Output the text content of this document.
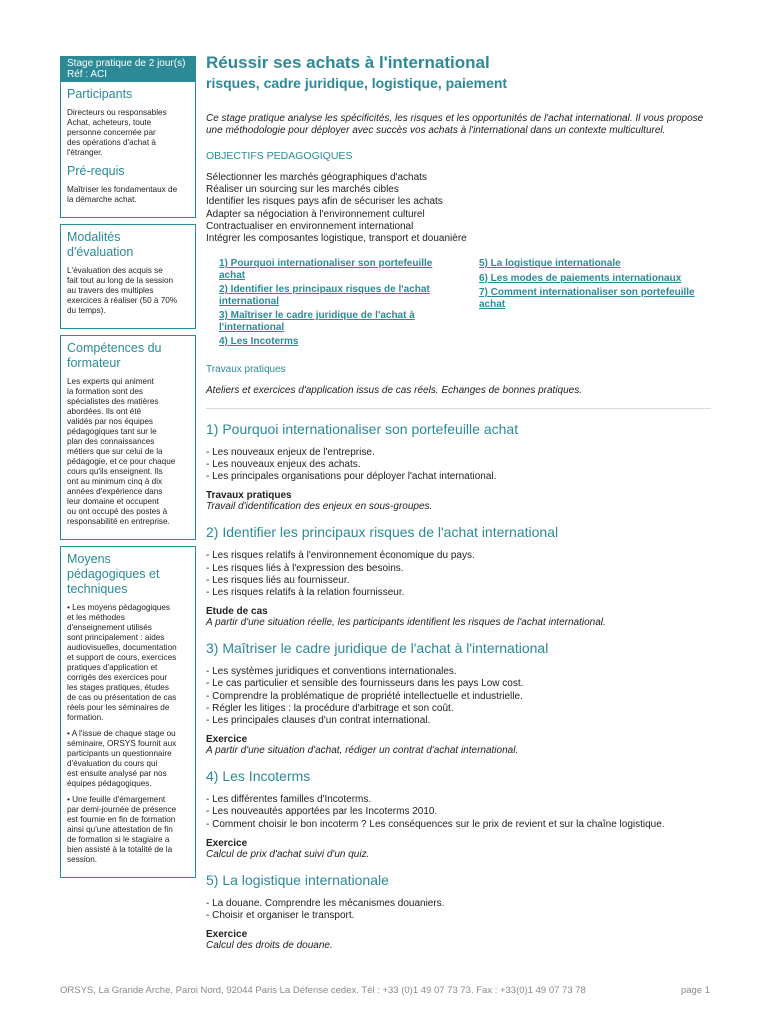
Stage pratique de 2 jour(s)
Réf : ACI
Participants
Directeurs ou responsables
Achat, acheteurs, toute
personne concernée par
des opérations d'achat à
l'étranger.
Pré-requis
Maîtriser les fondamentaux de
la démarche achat.
Modalités
d'évaluation
L'évaluation des acquis se
fait tout au long de la session
au travers des multiples
exercices à réaliser (50 à 70%
du temps).
Compétences du
formateur
Les experts qui animent
la formation sont des
spécialistes des matières
abordées. Ils ont été
validés par nos équipes
pédagogiques tant sur le
plan des connaissances
métiers que sur celui de la
pédagogie, et ce pour chaque
cours qu'ils enseignent. Ils
ont au minimum cinq à dix
années d'expérience dans
leur domaine et occupent
ou ont occupé des postes à
responsabilité en entreprise.
Moyens
pédagogiques et
techniques
• Les moyens pédagogiques
et les méthodes
d'enseignement utilisés
sont principalement : aides
audiovisuelles, documentation
et support de cours, exercices
pratiques d'application et
corrigés des exercices pour
les stages pratiques, études
de cas ou présentation de cas
réels pour les séminaires de
formation.
• A l'issue de chaque stage ou
séminaire, ORSYS fournit aux
participants un questionnaire
d'évaluation du cours qui
est ensuite analysé par nos
équipes pédagogiques.
• Une feuille d'émargement
par demi-journée de présence
est fournie en fin de formation
ainsi qu'une attestation de fin
de formation si le stagiaire a
bien assisté à la totalité de la
session.
Réussir ses achats à l'international
risques, cadre juridique, logistique, paiement

Ce stage pratique analyse les spécificités, les risques et les opportunités de l'achat international. Il vous propose une méthodologie pour déployer avec succès vos achats à l'international dans un contexte multiculturel.

OBJECTIFS PEDAGOGIQUES
Sélectionner les marchés géographiques d'achats
Réaliser un sourcing sur les marchés cibles
Identifier les risques pays afin de sécuriser les achats
Adapter sa négociation à l'environnement culturel
Contractualiser en environnement international
Intégrer les composantes logistique, transport et douanière
1) Pourquoi internationaliser son portefeuille achat
2) Identifier les principaux risques de l'achat international
3) Maîtriser le cadre juridique de l'achat à l'international
4) Les Incoterms
5) La logistique internationale
6) Les modes de paiements internationaux
7) Comment internationaliser son portefeuille achat
Travaux pratiques
Ateliers et exercices d'application issus de cas réels. Echanges de bonnes pratiques.
1) Pourquoi internationaliser son portefeuille achat
- Les nouveaux enjeux de l'entreprise.
- Les nouveaux enjeux des achats.
- Les principales organisations pour déployer l'achat international.
Travaux pratiques
Travail d'identification des enjeux en sous-groupes.
2) Identifier les principaux risques de l'achat international
- Les risques relatifs à l'environnement économique du pays.
- Les risques liés à l'expression des besoins.
- Les risques liés au fournisseur.
- Les risques relatifs à la relation fournisseur.
Etude de cas
A partir d'une situation réelle, les participants identifient les risques de l'achat international.
3) Maîtriser le cadre juridique de l'achat à l'international
- Les systèmes juridiques et conventions internationales.
- Le cas particulier et sensible des fournisseurs dans les pays Low cost.
- Comprendre la problématique de propriété intellectuelle et industrielle.
- Régler les litiges : la procédure d'arbitrage et son coût.
- Les principales clauses d'un contrat international.
Exercice
A partir d'une situation d'achat, rédiger un contrat d'achat international.
4) Les Incoterms
- Les différentes familles d'Incoterms.
- Les nouveautés apportées par les Incoterms 2010.
- Comment choisir le bon incoterm ? Les conséquences sur le prix de revient et sur la chaîne logistique.
Exercice
Calcul de prix d'achat suivi d'un quiz.
5) La logistique internationale
- La douane. Comprendre les mécanismes douaniers.
- Choisir et organiser le transport.
Exercice
Calcul des droits de douane.
ORSYS, La Grande Arche, Paroi Nord, 92044 Paris La Défense cedex. Tél : +33 (0)1 49 07 73 73. Fax : +33(0)1 49 07 73 78	page 1
